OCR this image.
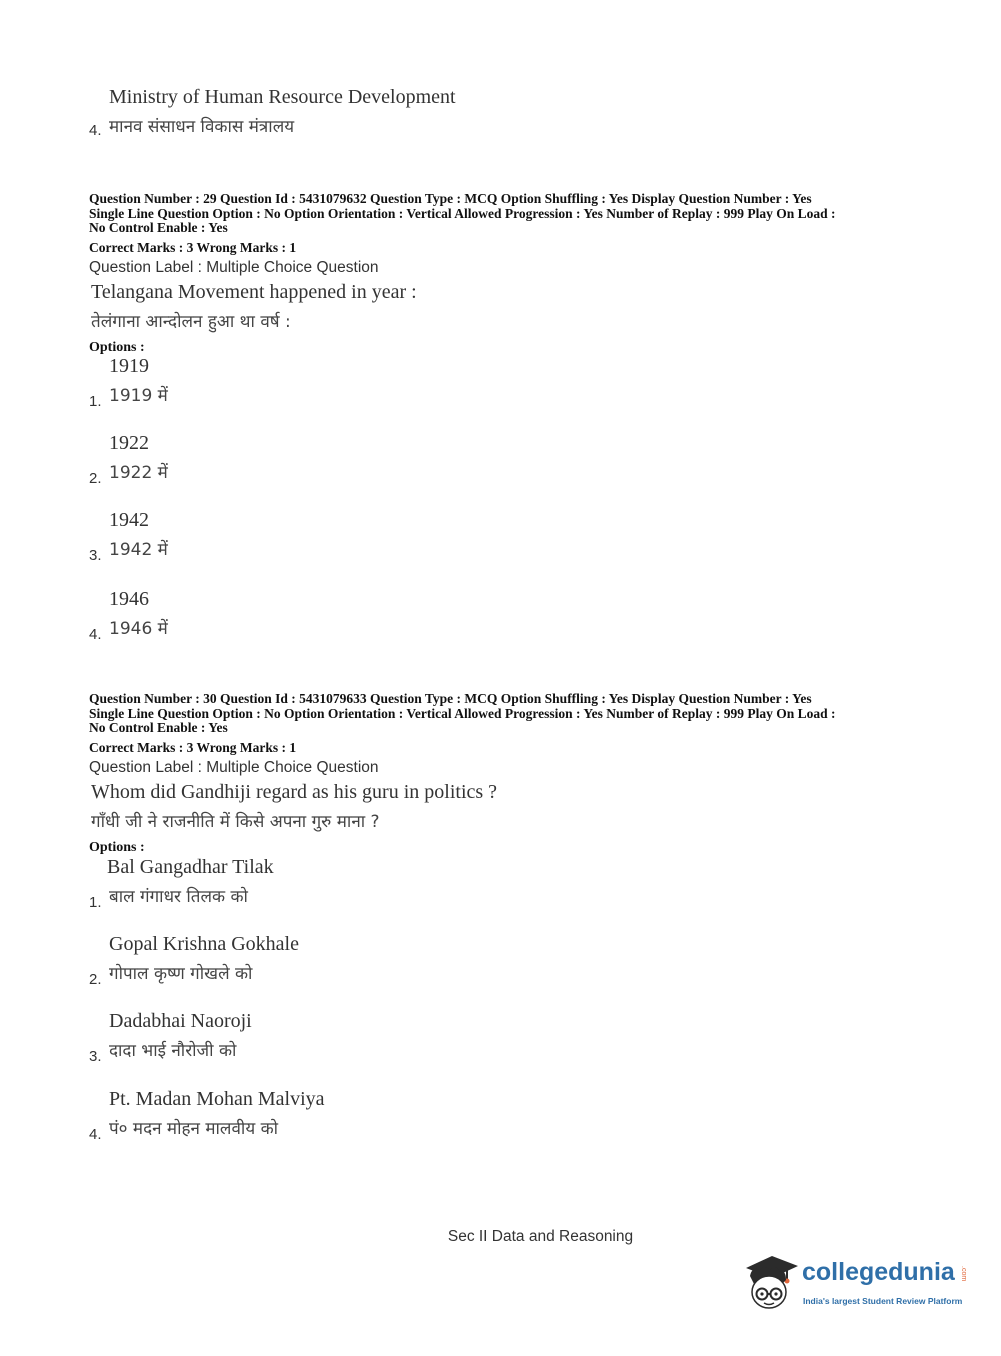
Ministry of Human Resource Development
4. मानव संसाधन विकास मंत्रालय
Question Number : 29 Question Id : 5431079632 Question Type : MCQ Option Shuffling : Yes Display Question Number : Yes
Single Line Question Option : No Option Orientation : Vertical Allowed Progression : Yes Number of Replay : 999 Play On Load :
No Control Enable : Yes
Correct Marks : 3 Wrong Marks : 1
Question Label : Multiple Choice Question
Telangana Movement happened in year :
तेलंगाना आन्दोलन हुआ था वर्ष :
Options :
1919
1. 1919 में
1922
2. 1922 में
1942
3. 1942 में
1946
4. 1946 में
Question Number : 30 Question Id : 5431079633 Question Type : MCQ Option Shuffling : Yes Display Question Number : Yes
Single Line Question Option : No Option Orientation : Vertical Allowed Progression : Yes Number of Replay : 999 Play On Load :
No Control Enable : Yes
Correct Marks : 3 Wrong Marks : 1
Question Label : Multiple Choice Question
Whom did Gandhiji regard as his guru in politics ?
गाँधी जी ने राजनीति में किसे अपना गुरु माना ?
Options :
Bal Gangadhar Tilak
1. बाल गंगाधर तिलक को
Gopal Krishna Gokhale
2. गोपाल कृष्ण गोखले को
Dadabhai Naoroji
3. दादा भाई नौरोजी को
Pt. Madan Mohan Malviya
4. पं० मदन मोहन मालवीय को
Sec II Data and Reasoning
collegedunia .com
India's largest Student Review Platform
